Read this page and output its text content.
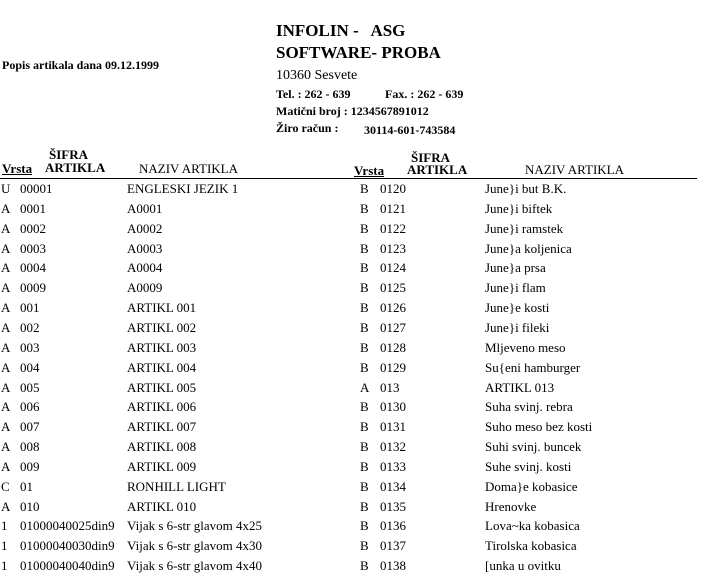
INFOLIN -   ASG
SOFTWARE- PROBA
10360 Sesvete
Tel. : 262 - 639	Fax. : 262 - 639
Matični broj : 1234567891012
Žiro račun : 30114-601-743584
Popis artikala dana 09.12.1999
Vrsta
ŠIFRA
ARTIKLA	NAZIV ARTIKLA	Vrsta
ŠIFRA
ARTIKLA	NAZIV ARTIKLA
U 00001	ENGLESKI JEZIK 1	B 0120	June}i but B.K.
A 0001	A0001	B 0121	June}i biftek
A 0002	A0002	B 0122	June}i ramstek
A 0003	A0003	B 0123	June}a koljenica
A 0004	A0004	B 0124	June}a prsa
A 0009	A0009	B 0125	June}i flam
A 001	ARTIKL 001	B 0126	June}e kosti
A 002	ARTIKL 002	B 0127	June}i fileki
A 003	ARTIKL 003	B 0128	Mljeveno meso
A 004	ARTIKL 004	B 0129	Su{eni hamburger
A 005	ARTIKL 005	A 013	ARTIKL 013
A 006	ARTIKL 006	B 0130	Suha svinj. rebra
A 007	ARTIKL 007	B 0131	Suho meso bez kosti
A 008	ARTIKL 008	B 0132	Suhi svinj. buncek
A 009	ARTIKL 009	B 0133	Suhe svinj. kosti
C 01	RONHILL LIGHT	B 0134	Doma}e kobasice
A 010	ARTIKL 010	B 0135	Hrenovke
1 01000040025din9 Vijak s 6-str glavom 4x25	B 0136	Lova~ka kobasica
1 01000040030din9 Vijak s 6-str glavom 4x30	B 0137	Tirolska kobasica
1 01000040040din9 Vijak s 6-str glavom 4x40	B 0138	[unka u ovitku
